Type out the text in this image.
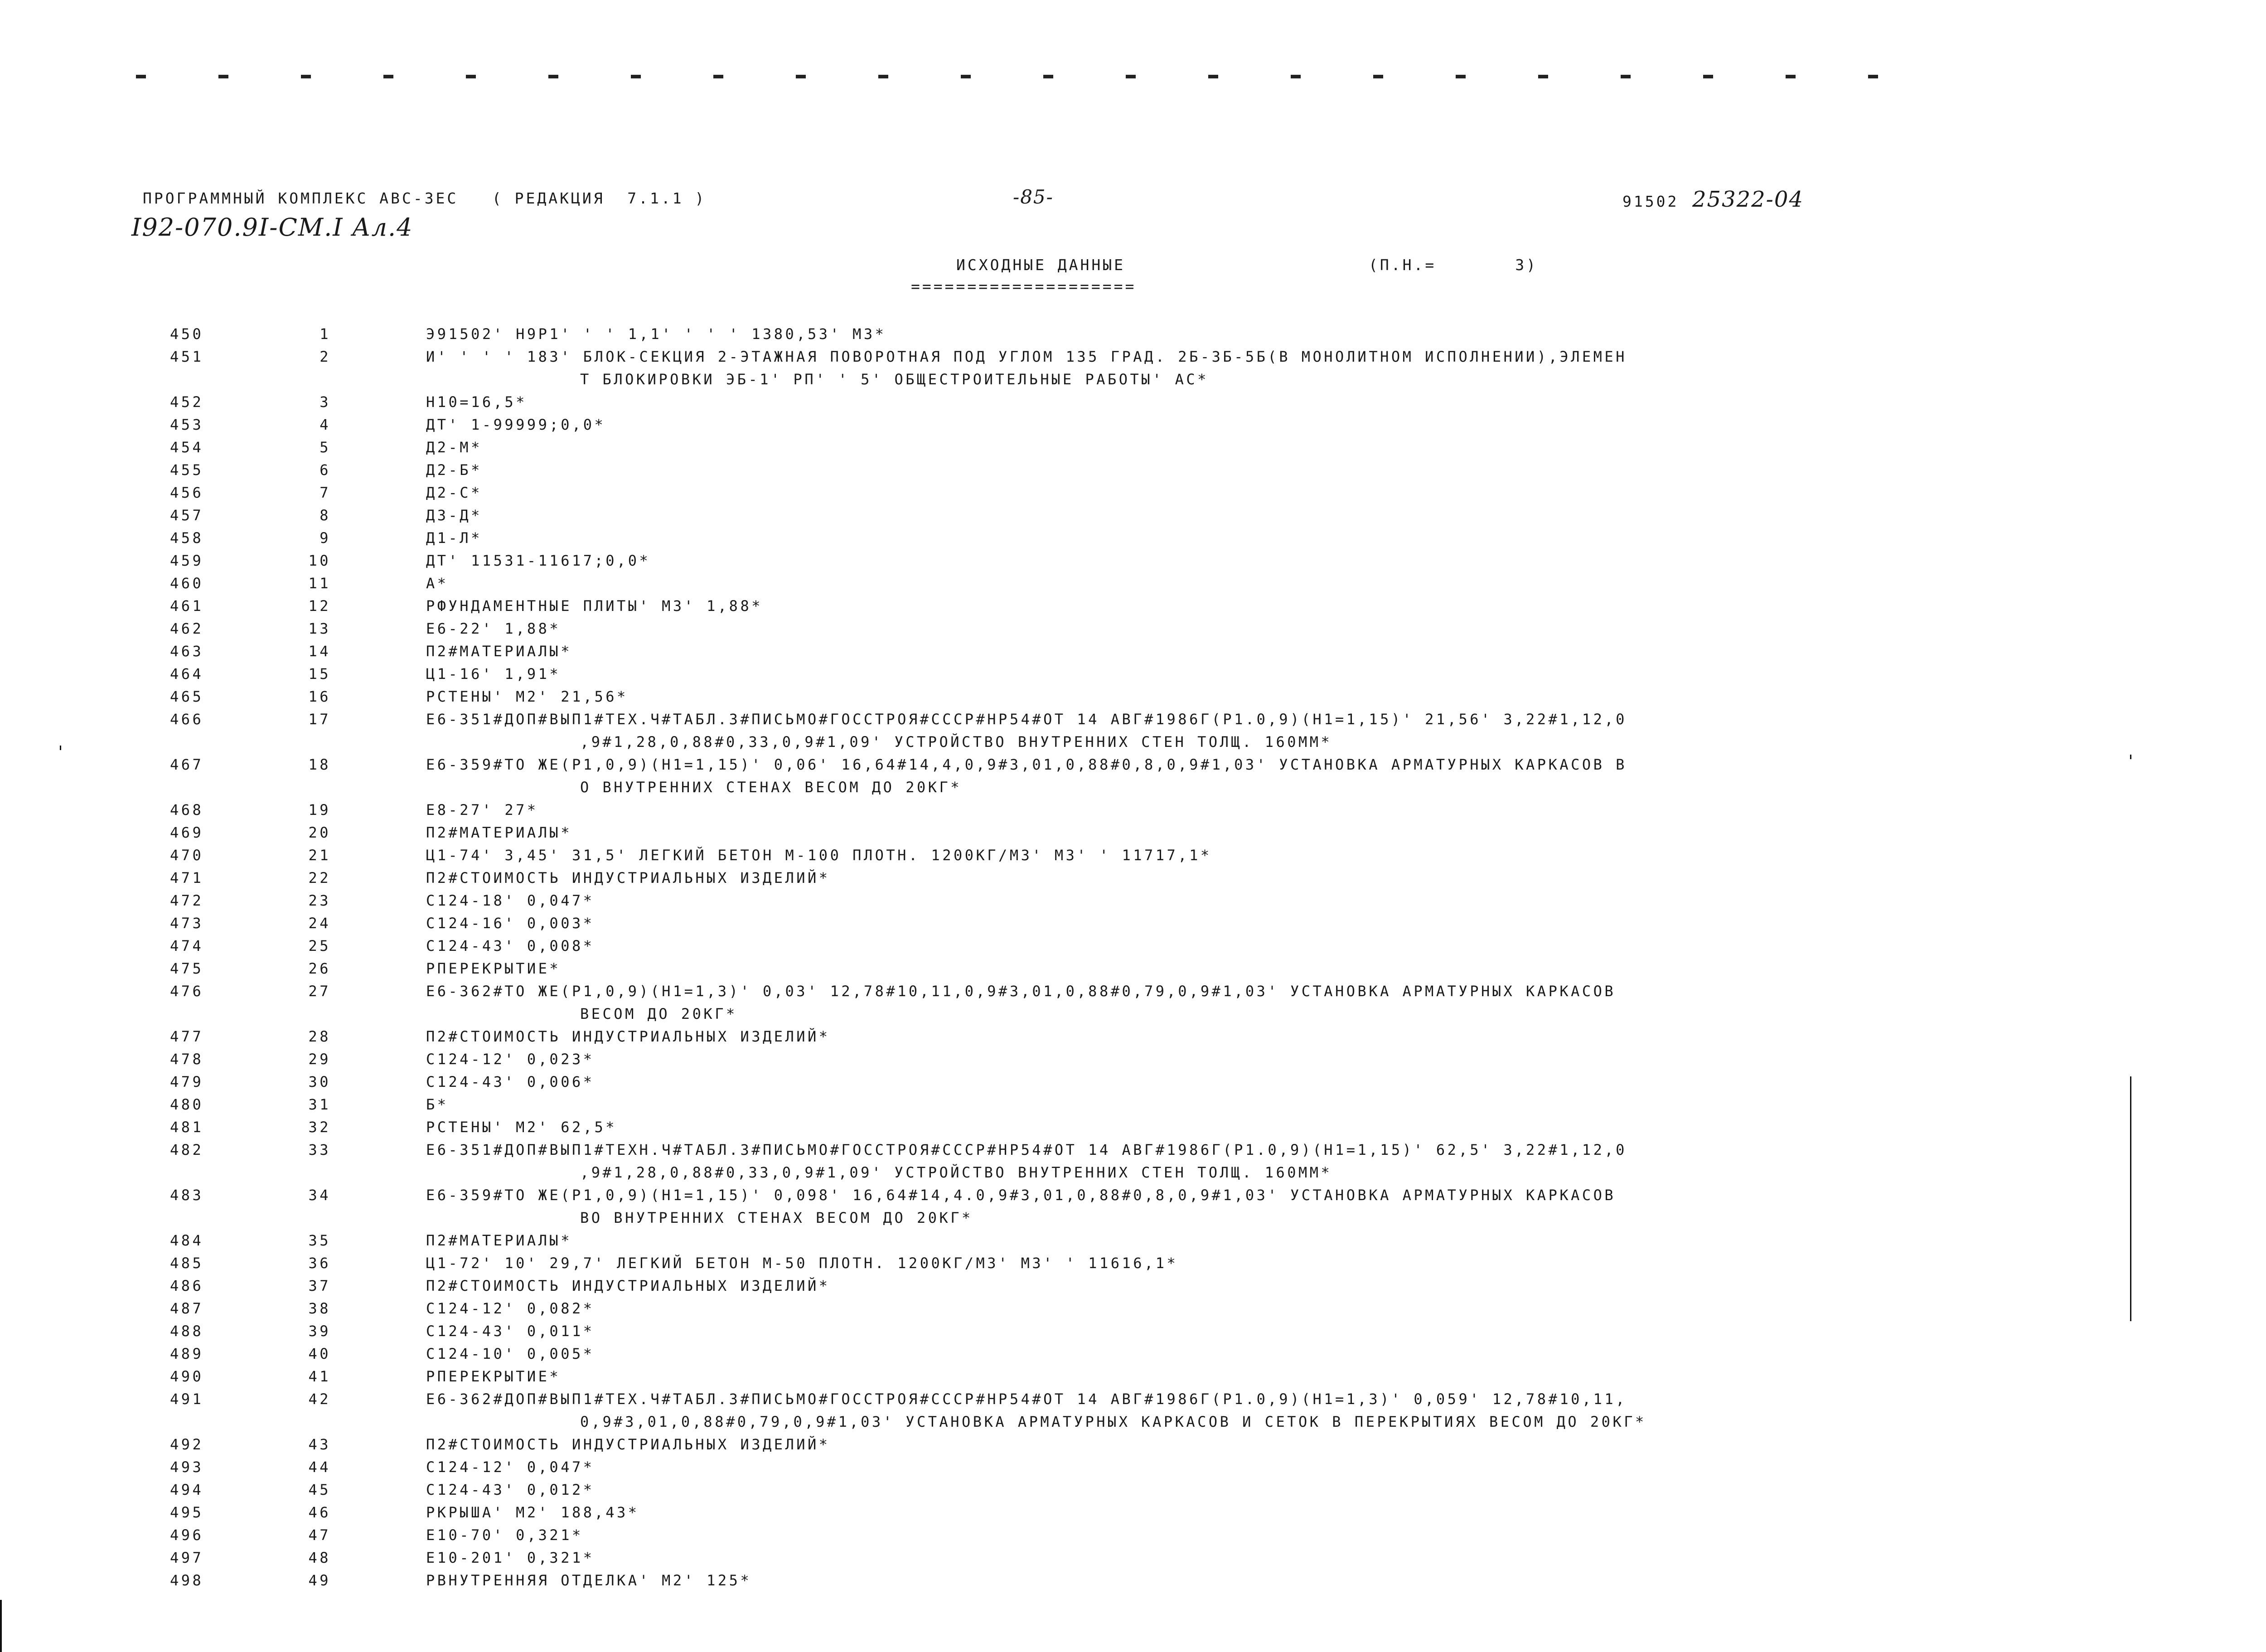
ПРОГРАММНЫЙ КОМПЛЕКС АВС-ЗЕС   ( РЕДАКЦИЯ  7.1.1 )	-85-	91502 25322-04
I92-070.9I-СМ.I Ал.4
ИСХОДНЫЕ ДАННЫЕ	(П.Н.=       3)
====================
450	1	Э91502' Н9Р1' ' ' 1,1' ' ' ' 1380,53' М3*
451	2	И' ' ' ' 183' БЛОК-СЕКЦИЯ 2-ЭТАЖНАЯ ПОВОРОТНАЯ ПОД УГЛОМ 135 ГРАД. 2Б-3Б-5Б(В МОНОЛИТНОМ ИСПОЛНЕНИИ),ЭЛЕМЕН
Т БЛОКИРОВКИ ЭБ-1' РП' ' 5' ОБЩЕСТРОИТЕЛЬНЫЕ РАБОТЫ' АС*
452	3	Н10=16,5*
453	4	ДТ' 1-99999;0,0*
454	5	Д2-М*
455	6	Д2-Б*
456	7	Д2-С*
457	8	Д3-Д*
458	9	Д1-Л*
459	10	ДТ' 11531-11617;0,0*
460	11	А*
461	12	РФУНДАМЕНТНЫЕ ПЛИТЫ' М3' 1,88*
462	13	Е6-22' 1,88*
463	14	П2#МАТЕРИАЛЫ*
464	15	Ц1-16' 1,91*
465	16	РСТЕНЫ' М2' 21,56*
466	17	Е6-351#ДОП#ВЫП1#ТЕХ.Ч#ТАБЛ.3#ПИСЬМО#ГОССТРОЯ#СССР#НР54#ОТ 14 АВГ#1986Г(Р1.0,9)(Н1=1,15)' 21,56' 3,22#1,12,0
,9#1,28,0,88#0,33,0,9#1,09' УСТРОЙСТВО ВНУТРЕННИХ СТЕН ТОЛЩ. 160ММ*
467	18	Е6-359#ТО ЖЕ(Р1,0,9)(Н1=1,15)' 0,06' 16,64#14,4,0,9#3,01,0,88#0,8,0,9#1,03' УСТАНОВКА АРМАТУРНЫХ КАРКАСОВ В
О ВНУТРЕННИХ СТЕНАХ ВЕСОМ ДО 20КГ*
468	19	Е8-27' 27*
469	20	П2#МАТЕРИАЛЫ*
470	21	Ц1-74' 3,45' 31,5' ЛЕГКИЙ БЕТОН М-100 ПЛОТН. 1200КГ/М3' М3' ' 11717,1*
471	22	П2#СТОИМОСТЬ ИНДУСТРИАЛЬНЫХ ИЗДЕЛИЙ*
472	23	С124-18' 0,047*
473	24	С124-16' 0,003*
474	25	С124-43' 0,008*
475	26	РПЕРЕКРЫТИЕ*
476	27	Е6-362#ТО ЖЕ(Р1,0,9)(Н1=1,3)' 0,03' 12,78#10,11,0,9#3,01,0,88#0,79,0,9#1,03' УСТАНОВКА АРМАТУРНЫХ КАРКАСОВ
ВЕСОМ ДО 20КГ*
477	28	П2#СТОИМОСТЬ ИНДУСТРИАЛЬНЫХ ИЗДЕЛИЙ*
478	29	С124-12' 0,023*
479	30	С124-43' 0,006*
480	31	Б*
481	32	РСТЕНЫ' М2' 62,5*
482	33	Е6-351#ДОП#ВЫП1#ТЕХН.Ч#ТАБЛ.3#ПИСЬМО#ГОССТРОЯ#СССР#НР54#ОТ 14 АВГ#1986Г(Р1.0,9)(Н1=1,15)' 62,5' 3,22#1,12,0
,9#1,28,0,88#0,33,0,9#1,09' УСТРОЙСТВО ВНУТРЕННИХ СТЕН ТОЛЩ. 160ММ*
483	34	Е6-359#ТО ЖЕ(Р1,0,9)(Н1=1,15)' 0,098' 16,64#14,4.0,9#3,01,0,88#0,8,0,9#1,03' УСТАНОВКА АРМАТУРНЫХ КАРКАСОВ
ВО ВНУТРЕННИХ СТЕНАХ ВЕСОМ ДО 20КГ*
484	35	П2#МАТЕРИАЛЫ*
485	36	Ц1-72' 10' 29,7' ЛЕГКИЙ БЕТОН М-50 ПЛОТН. 1200КГ/М3' М3' ' 11616,1*
486	37	П2#СТОИМОСТЬ ИНДУСТРИАЛЬНЫХ ИЗДЕЛИЙ*
487	38	С124-12' 0,082*
488	39	С124-43' 0,011*
489	40	С124-10' 0,005*
490	41	РПЕРЕКРЫТИЕ*
491	42	Е6-362#ДОП#ВЫП1#ТЕХ.Ч#ТАБЛ.3#ПИСЬМО#ГОССТРОЯ#СССР#НР54#ОТ 14 АВГ#1986Г(Р1.0,9)(Н1=1,3)' 0,059' 12,78#10,11,
0,9#3,01,0,88#0,79,0,9#1,03' УСТАНОВКА АРМАТУРНЫХ КАРКАСОВ И СЕТОК В ПЕРЕКРЫТИЯХ ВЕСОМ ДО 20КГ*
492	43	П2#СТОИМОСТЬ ИНДУСТРИАЛЬНЫХ ИЗДЕЛИЙ*
493	44	С124-12' 0,047*
494	45	С124-43' 0,012*
495	46	РКРЫША' М2' 188,43*
496	47	Е10-70' 0,321*
497	48	Е10-201' 0,321*
498	49	РВНУТРЕННЯЯ ОТДЕЛКА' М2' 125*
